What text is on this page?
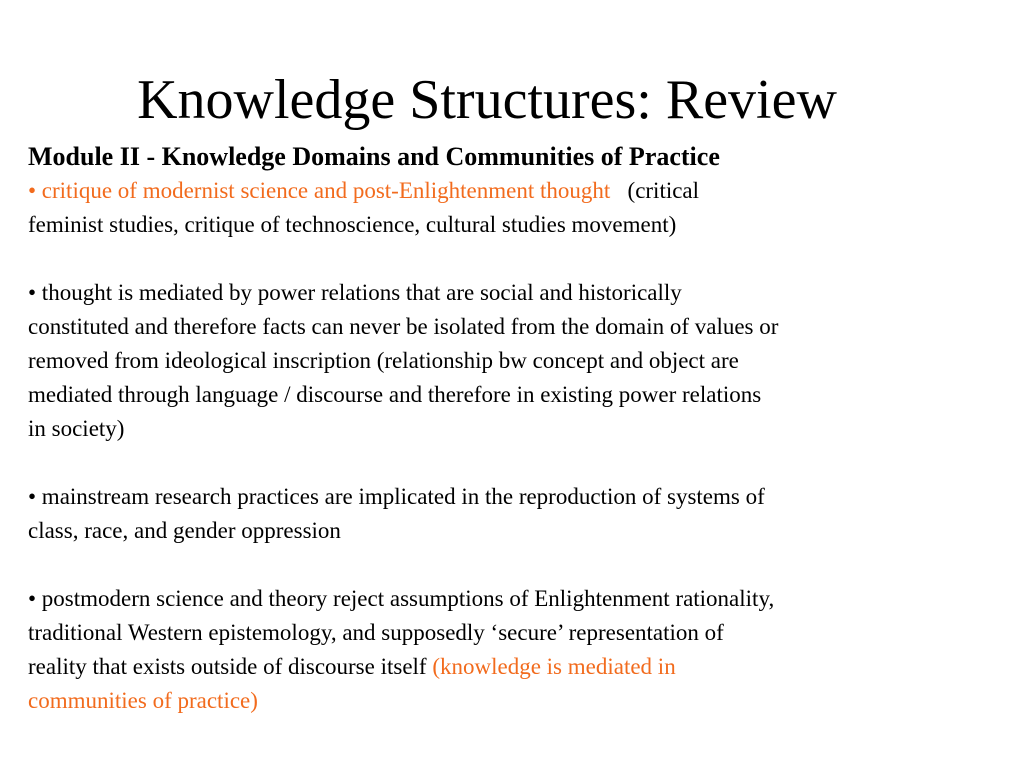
Knowledge Structures: Review
Module II - Knowledge Domains and Communities of Practice
• critique of modernist science and post-Enlightenment thought (critical
feminist studies, critique of technoscience, cultural studies movement)
• thought is mediated by power relations that are social and historically
constituted and therefore facts can never be isolated from the domain of values or
removed from ideological inscription (relationship bw concept and object are
mediated through language / discourse and therefore in existing power relations
in society)
• mainstream research practices are implicated in the reproduction of systems of
class, race, and gender oppression
• postmodern science and theory reject assumptions of Enlightenment rationality,
traditional Western epistemology, and supposedly ‘secure’ representation of
reality that exists outside of discourse itself (knowledge is mediated in
communities of practice)
